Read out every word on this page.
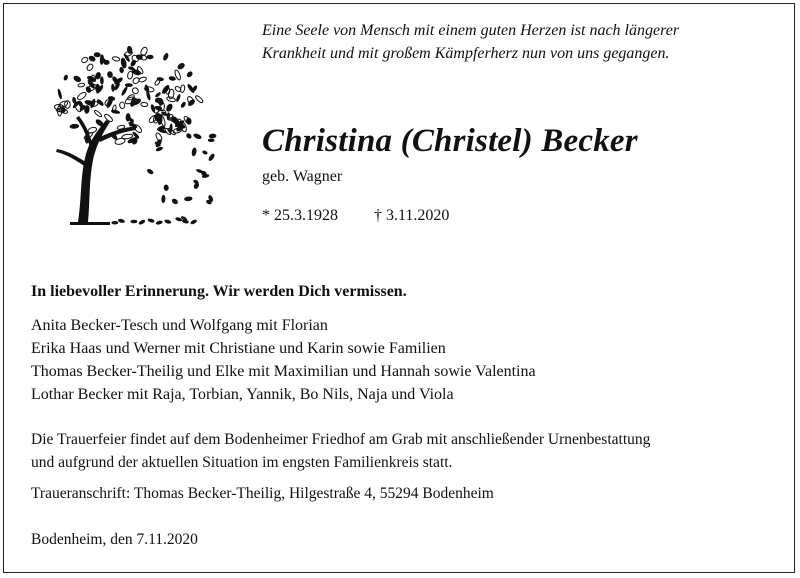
Eine Seele von Mensch mit einem guten Herzen ist nach längerer
Krankheit und mit großem Kämpferherz nun von uns gegangen.
Christina (Christel) Becker
geb. Wagner
* 25.3.1928 † 3.11.2020
In liebevoller Erinnerung. Wir werden Dich vermissen.
Anita Becker-Tesch und Wolfgang mit Florian
Erika Haas und Werner mit Christiane und Karin sowie Familien
Thomas Becker-Theilig und Elke mit Maximilian und Hannah sowie Valentina
Lothar Becker mit Raja, Torbian, Yannik, Bo Nils, Naja und Viola
Die Trauerfeier findet auf dem Bodenheimer Friedhof am Grab mit anschließender Urnenbestattung
und aufgrund der aktuellen Situation im engsten Familienkreis statt.
Traueranschrift: Thomas Becker-Theilig, Hilgestraße 4, 55294 Bodenheim
Bodenheim, den 7.11.2020
